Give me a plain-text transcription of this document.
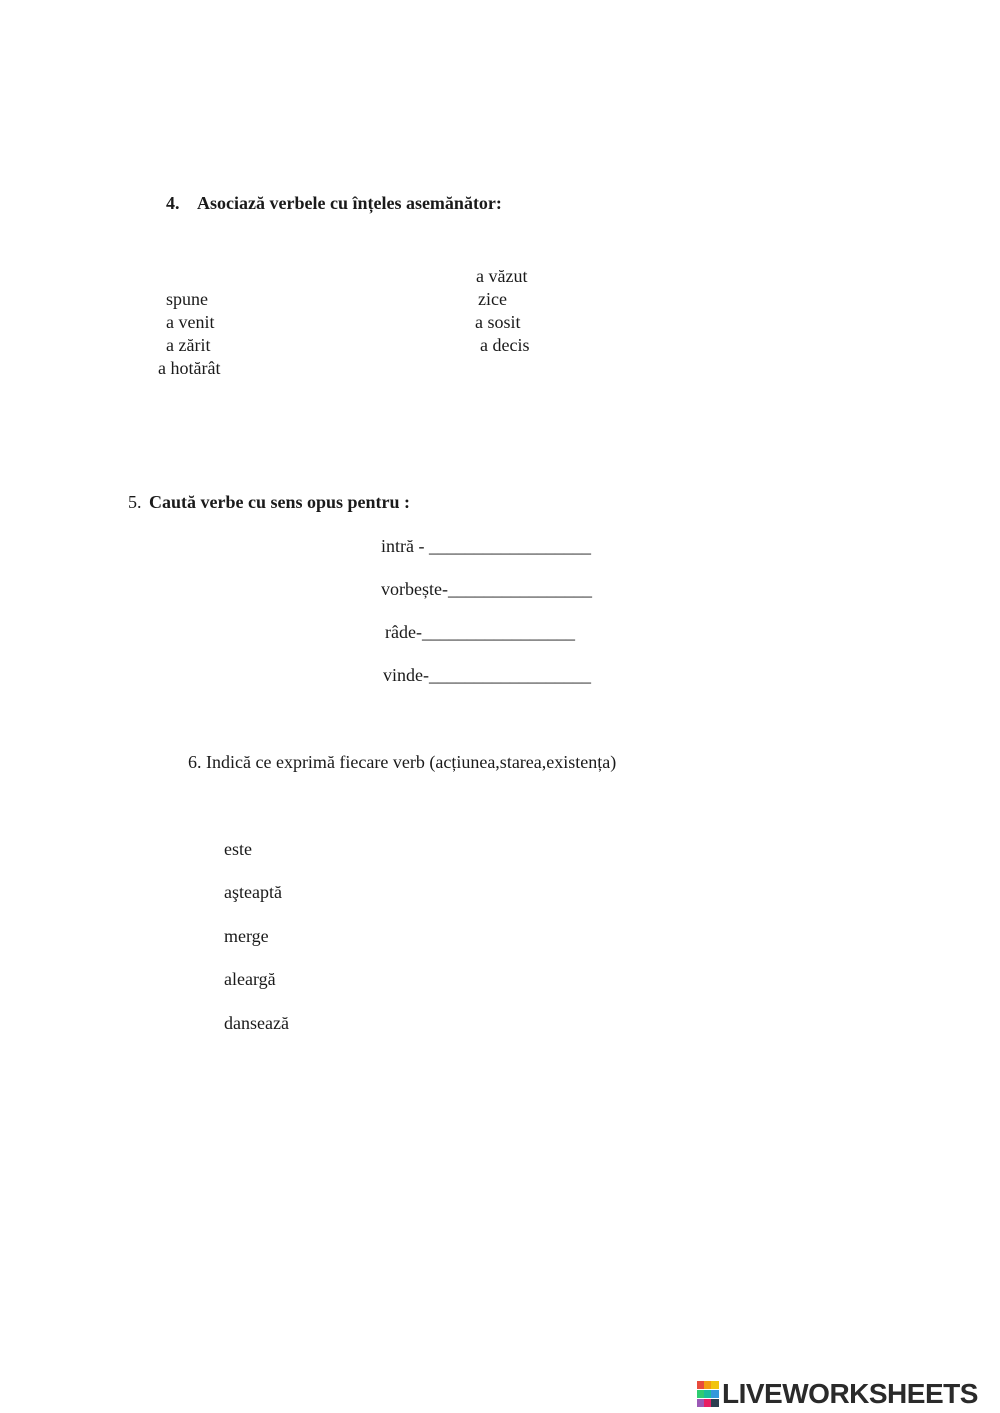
4. Asociază verbele cu înțeles asemănător:
spune
a venit
a zărit
a hotărât
a văzut
zice
a sosit
a decis
5. Caută verbe cu sens opus pentru :
intră - __________________
vorbește-________________
râde-_________________
vinde-__________________
6. Indică ce exprimă fiecare verb (acțiunea,starea,existența)
este
aşteaptă
merge
aleargă
dansează
LIVEWORKSHEETS
